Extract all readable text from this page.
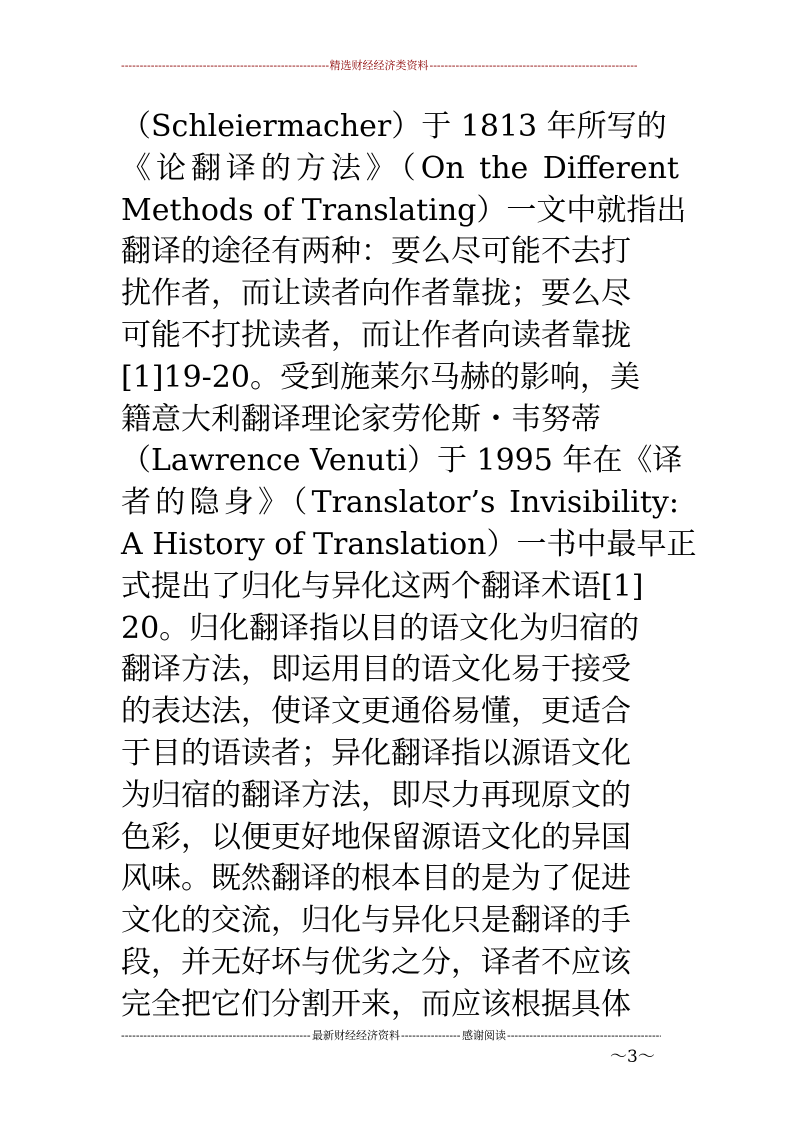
-----
精选财经经济类资料
-----
（Schleiermacher）于 1813 年所写的
《论翻译的方法》（On the Different
Methods of Translating）一文中就指出
翻译的途径有两种：要么尽可能不去打
扰作者，而让读者向作者靠拢；要么尽
可能不打扰读者，而让作者向读者靠拢
[1]19-20。受到施莱尔马赫的影响，美
籍意大利翻译理论家劳伦斯・韦努蒂
（Lawrence Venuti）于 1995 年在《译
者的隐身》（Translator’s Invisibility:
A History of Translation）一书中最早正
式提出了归化与异化这两个翻译术语[1]
20。归化翻译指以目的语文化为归宿的
翻译方法，即运用目的语文化易于接受
的表达法，使译文更通俗易懂，更适合
于目的语读者；异化翻译指以源语文化
为归宿的翻译方法，即尽力再现原文的
色彩，以便更好地保留源语文化的异国
风味。既然翻译的根本目的是为了促进
文化的交流，归化与异化只是翻译的手
段，并无好坏与优劣之分，译者不应该
完全把它们分割开来，而应该根据具体
-----
最新财经经济资料
-----	感谢阅读
-----
～3～
